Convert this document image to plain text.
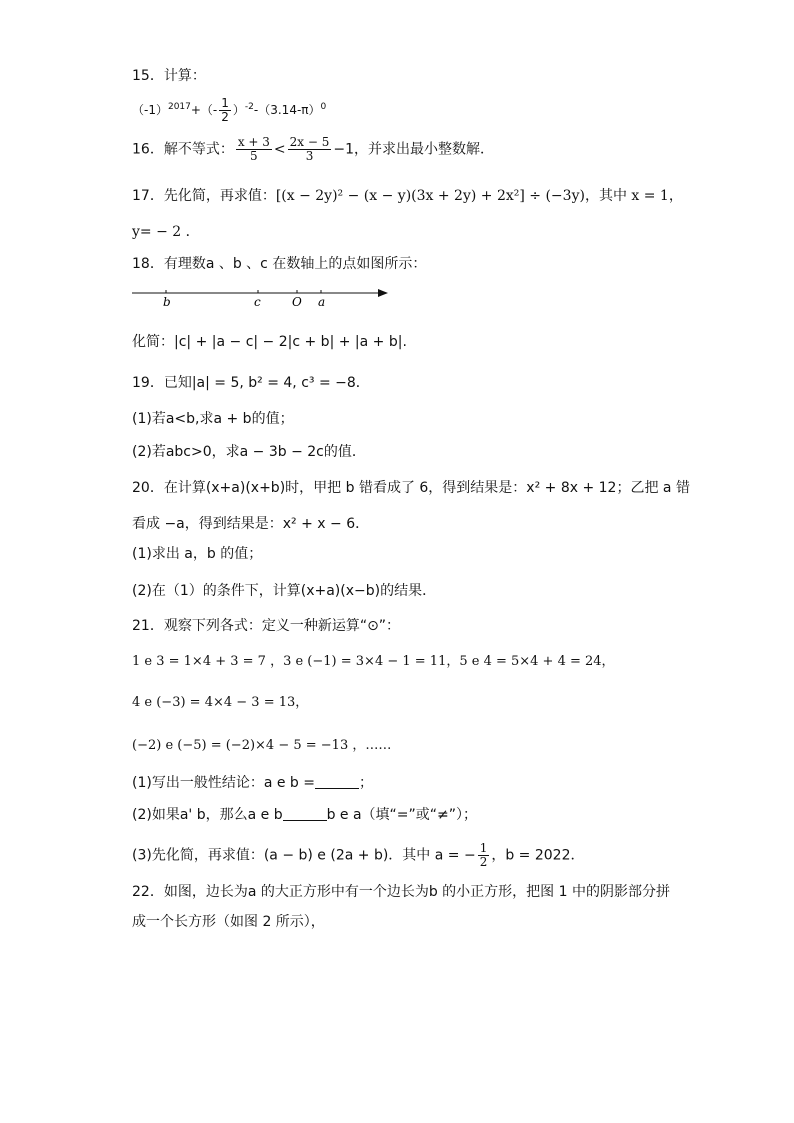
15．计算：
$(-1)^{2017}+(- \frac{1}{2} )^{-2}-(3.14-\pi)^0$
16．解不等式： $\frac{x + 3}{5} < \frac{2x - 5}{3} -1$，并求出最小整数解．
17．先化简，再求值：[(x − 2y)² − (x − y)(3x + 2y) + 2x²] ÷ (−3y)，其中 x = 1，
y= − 2 ．
18．有理数a 、b 、c 在数轴上的点如图所示：
b	c	O a
化简：|c| + |a − c| − 2|c + b| + |a + b|.
19．已知|a| = 5, b² = 4, c³ = −8．
(1)若a<b,求a + b的值；
(2)若abc>0，求a − 3b − 2c的值．
20．在计算(x+a)(x+b)时，甲把 b 错看成了 6，得到结果是：x² + 8x + 12；乙把 a 错
看成 −a，得到结果是：x² + x − 6．
(1)求出 a，b 的值；
(2)在（1）的条件下，计算(x+a)(x−b)的结果．
21．观察下列各式：定义一种新运算“⊙”：
1 e 3 = 1×4 + 3 = 7 ，3 e (−1) = 3×4 − 1 = 11，5 e 4 = 5×4 + 4 = 24，
4 e (−3) = 4×4 − 3 = 13，
(−2) e (−5) = (−2)×4 − 5 = −13 ，……
(1)写出一般性结论：a e b =	；
(2)如果a' b，那么a e b	b e a（填“=”或“≠”）；
(3)先化简，再求值：(a − b) e (2a + b)．其中 a = − $\frac{1}{2}$ ，b = 2022．
22．如图，边长为a 的大正方形中有一个边长为b 的小正方形，把图 1 中的阴影部分拼
成一个长方形（如图 2 所示），
